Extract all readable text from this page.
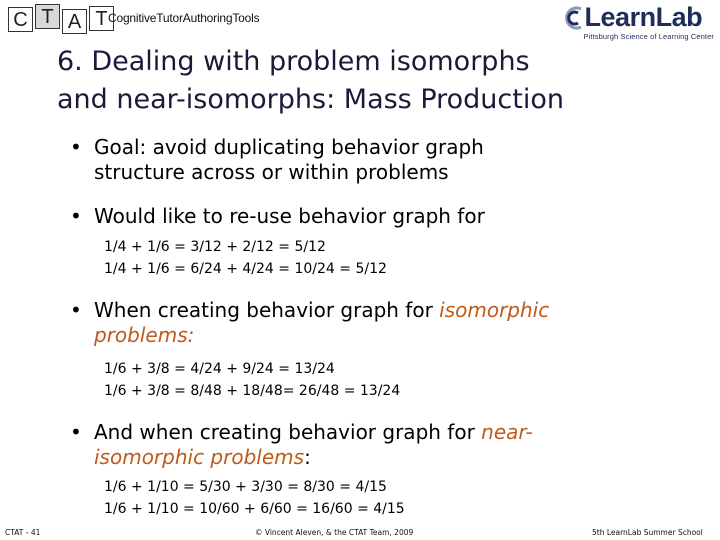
C T A T CognitiveTutorAuthoringTools	LearnLab
Pittsburgh Science of Learning Center
6. Dealing with problem isomorphs
and near-isomorphs: Mass Production
• Goal: avoid duplicating behavior graph
structure across or within problems
• Would like to re-use behavior graph for
1/4 + 1/6 = 3/12 + 2/12 = 5/12
1/4 + 1/6 = 6/24 + 4/24 = 10/24 = 5/12
• When creating behavior graph for isomorphic
problems:
1/6 + 3/8 = 4/24 + 9/24 = 13/24
1/6 + 3/8 = 8/48 + 18/48= 26/48 = 13/24
• And when creating behavior graph for near-
isomorphic problems:
1/6 + 1/10 = 5/30 + 3/30 = 8/30 = 4/15
1/6 + 1/10 = 10/60 + 6/60 = 16/60 = 4/15
CTAT - 41	© Vincent Aleven, & the CTAT Team, 2009	5th LearnLab Summer School
